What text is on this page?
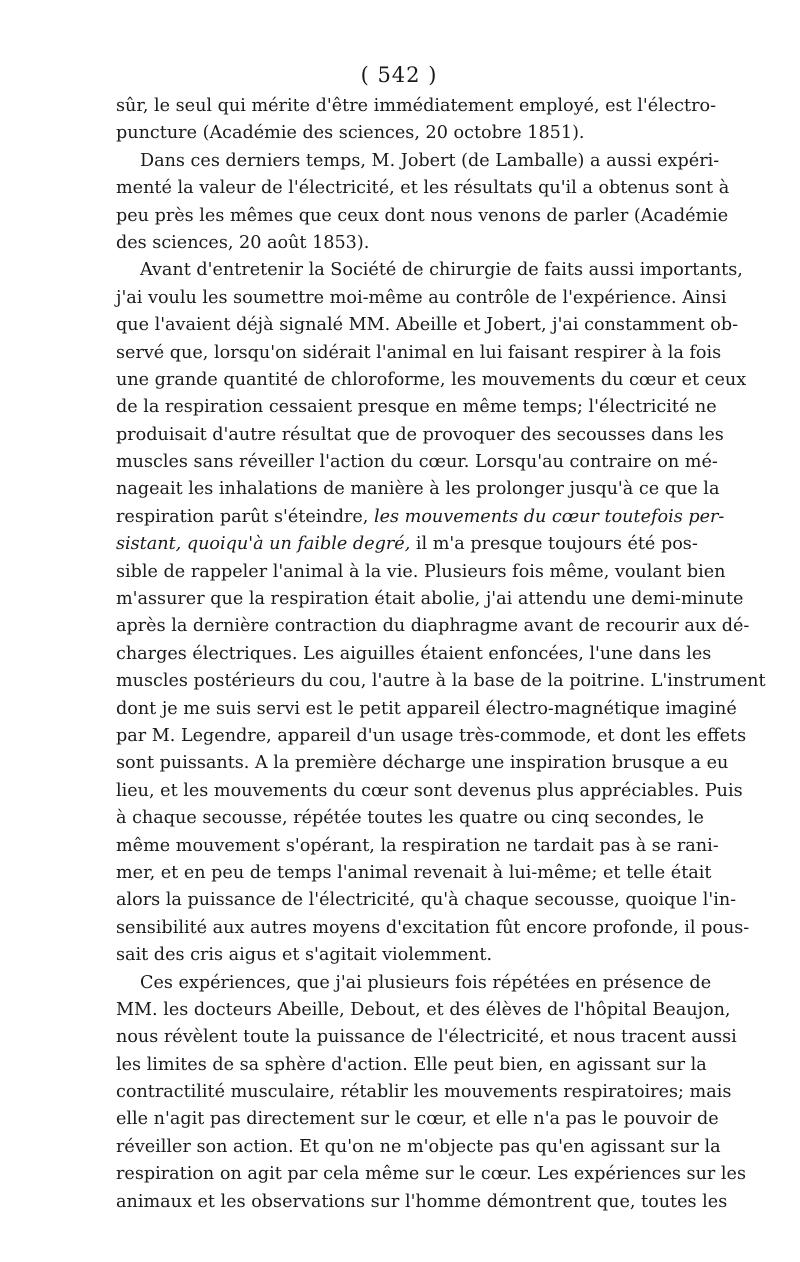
( 542 )
sûr, le seul qui mérite d'être immédiatement employé, est l'électro-
puncture (Académie des sciences, 20 octobre 1851).
Dans ces derniers temps, M. Jobert (de Lamballe) a aussi expéri-
menté la valeur de l'électricité, et les résultats qu'il a obtenus sont à
peu près les mêmes que ceux dont nous venons de parler (Académie
des sciences, 20 août 1853).
Avant d'entretenir la Société de chirurgie de faits aussi importants,
j'ai voulu les soumettre moi-même au contrôle de l'expérience. Ainsi
que l'avaient déjà signalé MM. Abeille et Jobert, j'ai constamment ob-
servé que, lorsqu'on sidérait l'animal en lui faisant respirer à la fois
une grande quantité de chloroforme, les mouvements du cœur et ceux
de la respiration cessaient presque en même temps; l'électricité ne
produisait d'autre résultat que de provoquer des secousses dans les
muscles sans réveiller l'action du cœur. Lorsqu'au contraire on mé-
nageait les inhalations de manière à les prolonger jusqu'à ce que la
respiration parût s'éteindre, les mouvements du cœur toutefois per-
sistant, quoiqu'à un faible degré, il m'a presque toujours été pos-
sible de rappeler l'animal à la vie. Plusieurs fois même, voulant bien
m'assurer que la respiration était abolie, j'ai attendu une demi-minute
après la dernière contraction du diaphragme avant de recourir aux dé-
charges électriques. Les aiguilles étaient enfoncées, l'une dans les
muscles postérieurs du cou, l'autre à la base de la poitrine. L'instrument
dont je me suis servi est le petit appareil électro-magnétique imaginé
par M. Legendre, appareil d'un usage très-commode, et dont les effets
sont puissants. A la première décharge une inspiration brusque a eu
lieu, et les mouvements du cœur sont devenus plus appréciables. Puis
à chaque secousse, répétée toutes les quatre ou cinq secondes, le
même mouvement s'opérant, la respiration ne tardait pas à se rani-
mer, et en peu de temps l'animal revenait à lui-même; et telle était
alors la puissance de l'électricité, qu'à chaque secousse, quoique l'in-
sensibilité aux autres moyens d'excitation fût encore profonde, il pous-
sait des cris aigus et s'agitait violemment.
Ces expériences, que j'ai plusieurs fois répétées en présence de
MM. les docteurs Abeille, Debout, et des élèves de l'hôpital Beaujon,
nous révèlent toute la puissance de l'électricité, et nous tracent aussi
les limites de sa sphère d'action. Elle peut bien, en agissant sur la
contractilité musculaire, rétablir les mouvements respiratoires; mais
elle n'agit pas directement sur le cœur, et elle n'a pas le pouvoir de
réveiller son action. Et qu'on ne m'objecte pas qu'en agissant sur la
respiration on agit par cela même sur le cœur. Les expériences sur les
animaux et les observations sur l'homme démontrent que, toutes les
